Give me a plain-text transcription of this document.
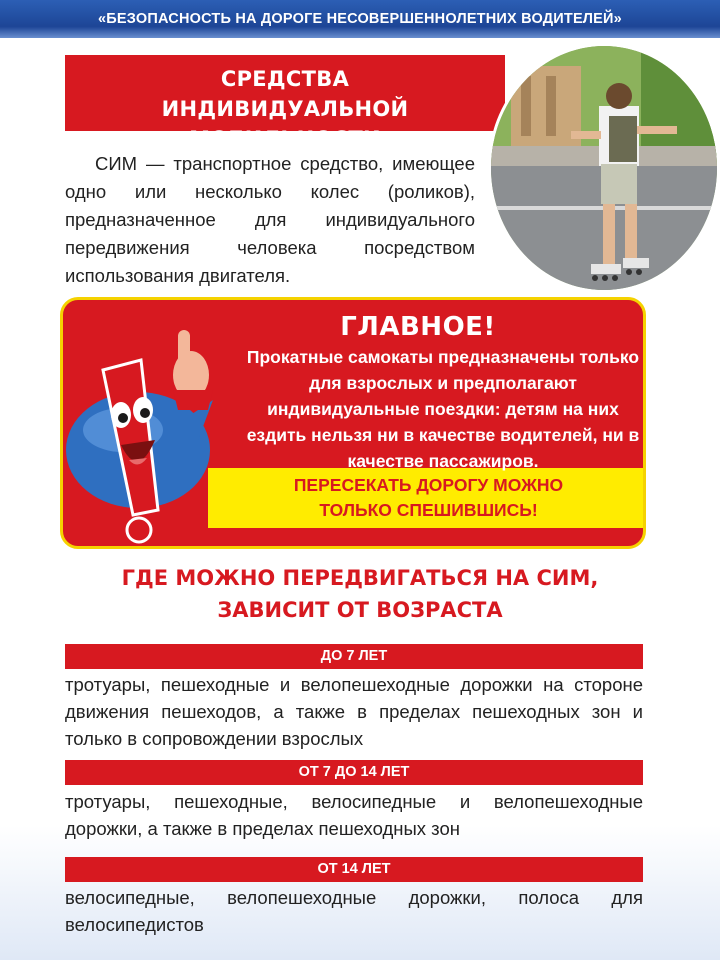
«БЕЗОПАСНОСТЬ НА ДОРОГЕ НЕСОВЕРШЕННОЛЕТНИХ ВОДИТЕЛЕЙ»
СРЕДСТВА
ИНДИВИДУАЛЬНОЙ МОБИЛЬНОСТИ
СИМ — транспортное средство, имеющее одно или несколько колес (роликов), предназначенное для индивидуального передвижения человека посредством использования двигателя.
ПЕРЕСЕКАТЬ ДОРОГУ МОЖНО
ТОЛЬКО СПЕШИВШИСЬ!
ГЛАВНОЕ!
Прокатные самокаты предназначены только для взрослых и предполагают индивидуальные поездки: детям на них ездить нельзя ни в качестве водителей, ни в качестве пассажиров.
ГДЕ МОЖНО ПЕРЕДВИГАТЬСЯ НА СИМ,
ЗАВИСИТ ОТ ВОЗРАСТА
ДО 7 ЛЕТ
тротуары, пешеходные и велопешеходные дорожки на стороне движения пешеходов, а также в пределах пешеходных зон и только в сопровождении взрослых
ОТ 7 ДО 14 ЛЕТ
тротуары, пешеходные, велосипедные и велопешеходные дорожки, а также в пределах пешеходных зон
ОТ 14 ЛЕТ
велосипедные, велопешеходные дорожки, полоса для велосипедистов
